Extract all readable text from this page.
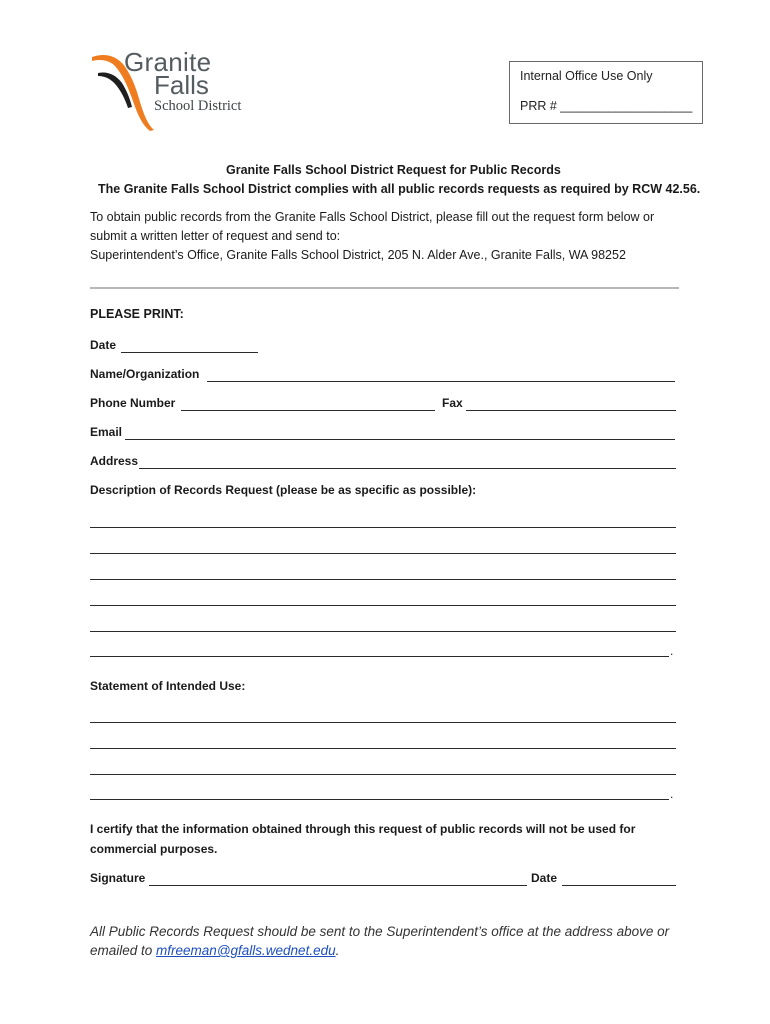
Granite
Falls
School District
Internal Office Use Only
PRR # ___________________
Granite Falls School District Request for Public Records
The Granite Falls School District complies with all public records requests as required by RCW 42.56.
To obtain public records from the Granite Falls School District, please fill out the request form below or
submit a written letter of request and send to:
Superintendent’s Office, Granite Falls School District, 205 N. Alder Ave., Granite Falls, WA 98252
PLEASE PRINT:
Date
Name/Organization
Phone Number	Fax
Email
Address
Description of Records Request (please be as specific as possible):
.
Statement of Intended Use:
.
I certify that the information obtained through this request of public records will not be used for
commercial purposes.
Signature	Date
All Public Records Request should be sent to the Superintendent’s office at the address above or
emailed to mfreeman@gfalls.wednet.edu.
